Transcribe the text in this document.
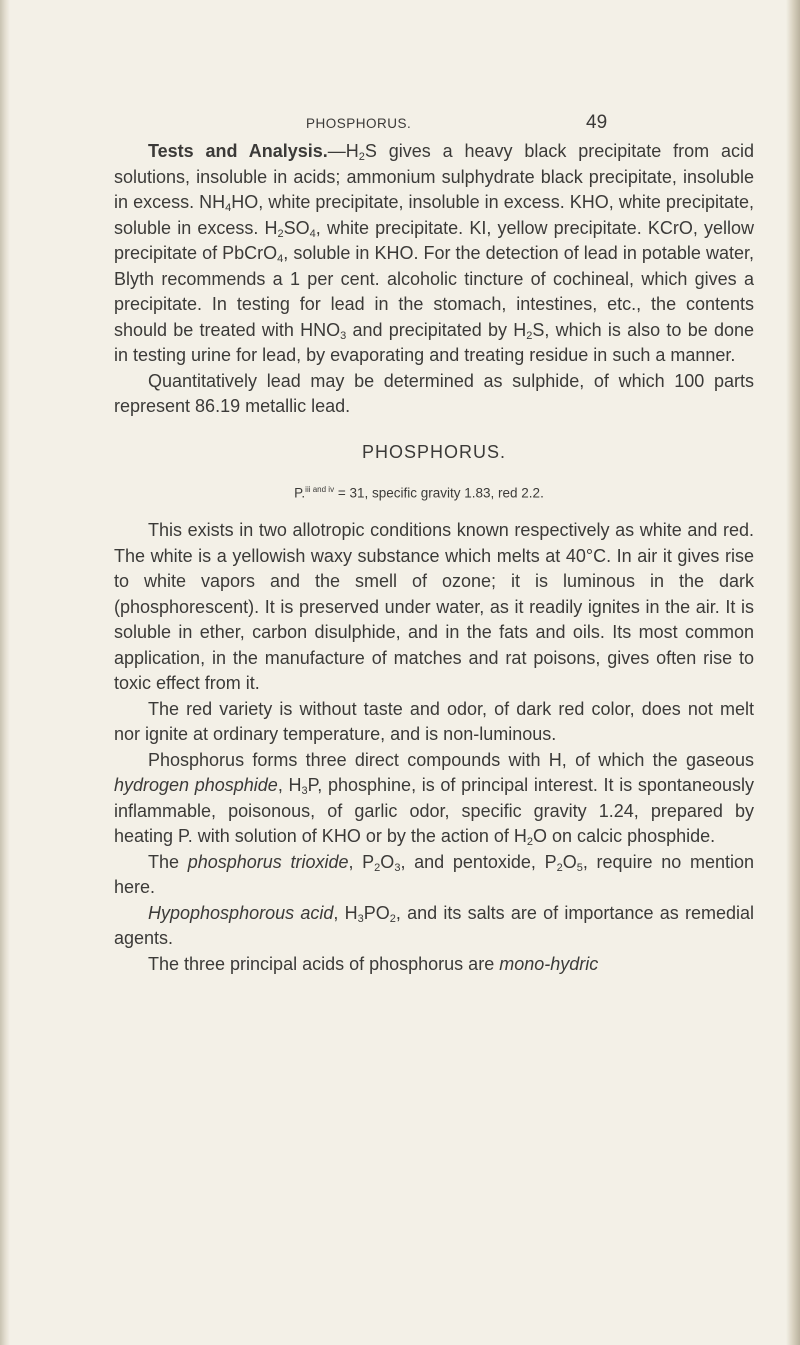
PHOSPHORUS.	49

Tests and $Analysis.—H_2S$ gives a heavy black precipitate from acid solutions, insoluble in acids; ammonium sulphydrate black precipitate, insoluble in excess. $NH_4HO$, white precipitate, insoluble in excess. KHO, white precipitate, soluble in excess. $H_2SO_4$, white precipitate. KI, yellow precipitate. KCrO, yellow precipitate of PbCrO$_4$, soluble in KHO. For the detection of lead in potable water, Blyth recommends a 1 per cent. alcoholic tincture of cochineal, which gives a precipitate. In testing for lead in the stomach, intestines, etc., the contents should be treated with $HNO_3$ and precipitated by $H_2S$, which is also to be done in testing urine for lead, by evaporating and treating residue in such a manner.

Quantitatively lead may be determined as sulphide, of which 100 parts represent 86.19 metallic lead.

PHOSPHORUS.
P.$^{iii and iv}$ = 31, specific gravity 1.83, red 2.2.

This exists in two allotropic conditions known respectively as white and red. The white is a yellowish waxy substance which melts at 40°C. In air it gives rise to white vapors and the smell of ozone; it is luminous in the dark (phosphorescent). It is preserved under water, as it readily ignites in the air. It is soluble in ether, carbon disulphide, and in the fats and oils. Its most common application, in the manufacture of matches and rat poisons, gives often rise to toxic effect from it.

The red variety is without taste and odor, of dark red color, does not melt nor ignite at ordinary temperature, and is non-luminous.

Phosphorus forms three direct compounds with H, of which the gaseous hydrogen phosphide, $H_3P$, phosphine, is of principal interest. It is spontaneously inflammable, poisonous, of garlic odor, specific gravity 1.24, prepared by heating P. with solution of KHO or by the action of $H_2O$ on calcic phosphide.

The phosphorus trioxide, $P_2O_3$, and pentoxide, $P_2O_5$, require no mention here.

Hypophosphorous acid, $H_3PO_2$, and its salts are of importance as remedial agents.

The three principal acids of phosphorus are mono-hydric
